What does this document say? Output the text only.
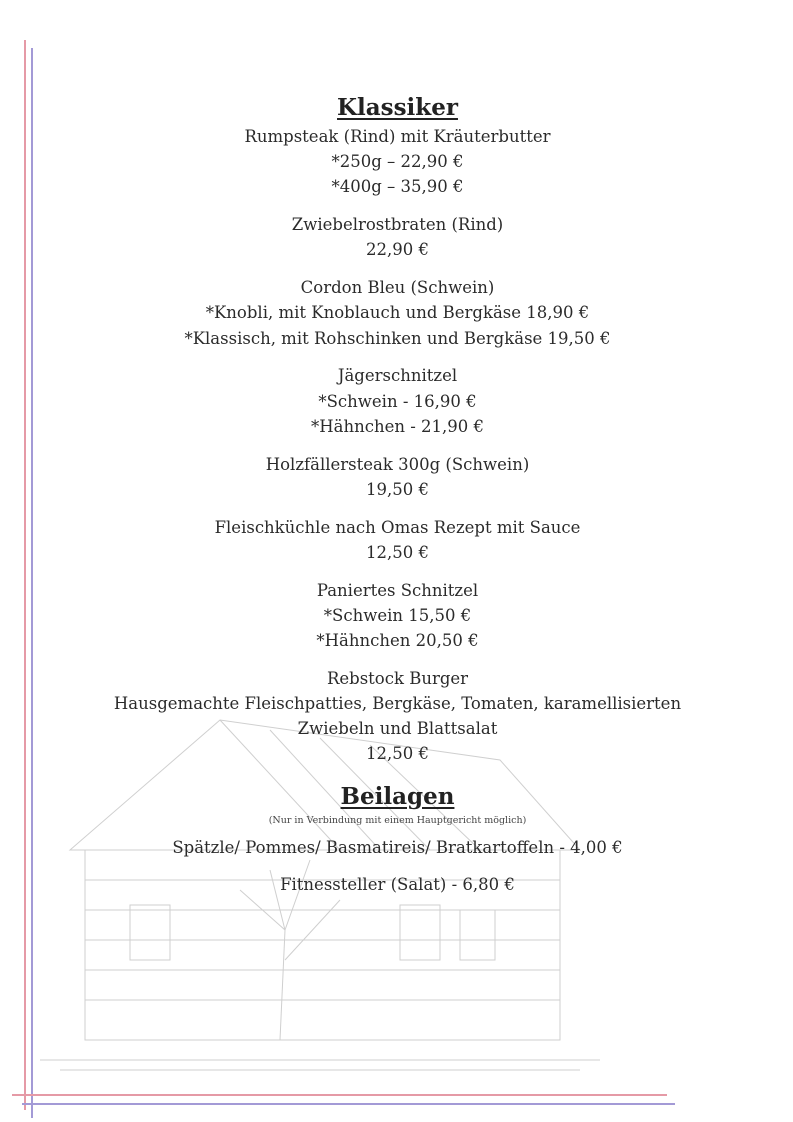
Klassiker
Rumpsteak (Rind) mit Kräuterbutter
*250g – 22,90 €
*400g – 35,90 €
Zwiebelrostbraten (Rind)
22,90 €
Cordon Bleu (Schwein)
*Knobli, mit Knoblauch und Bergkäse 18,90 €
*Klassisch, mit Rohschinken und Bergkäse 19,50 €
Jägerschnitzel
*Schwein - 16,90 €
*Hähnchen - 21,90 €
Holzfällersteak 300g (Schwein)
19,50 €
Fleischküchle nach Omas Rezept mit Sauce
12,50 €
Paniertes Schnitzel
*Schwein 15,50 €
*Hähnchen 20,50 €
Rebstock Burger
Hausgemachte Fleischpatties, Bergkäse, Tomaten, karamellisierten
Zwiebeln und Blattsalat
12,50 €
Beilagen
(Nur in Verbindung mit einem Hauptgericht möglich)
Spätzle/ Pommes/ Basmatireis/ Bratkartoffeln - 4,00 €
Fitnessteller (Salat) - 6,80 €
